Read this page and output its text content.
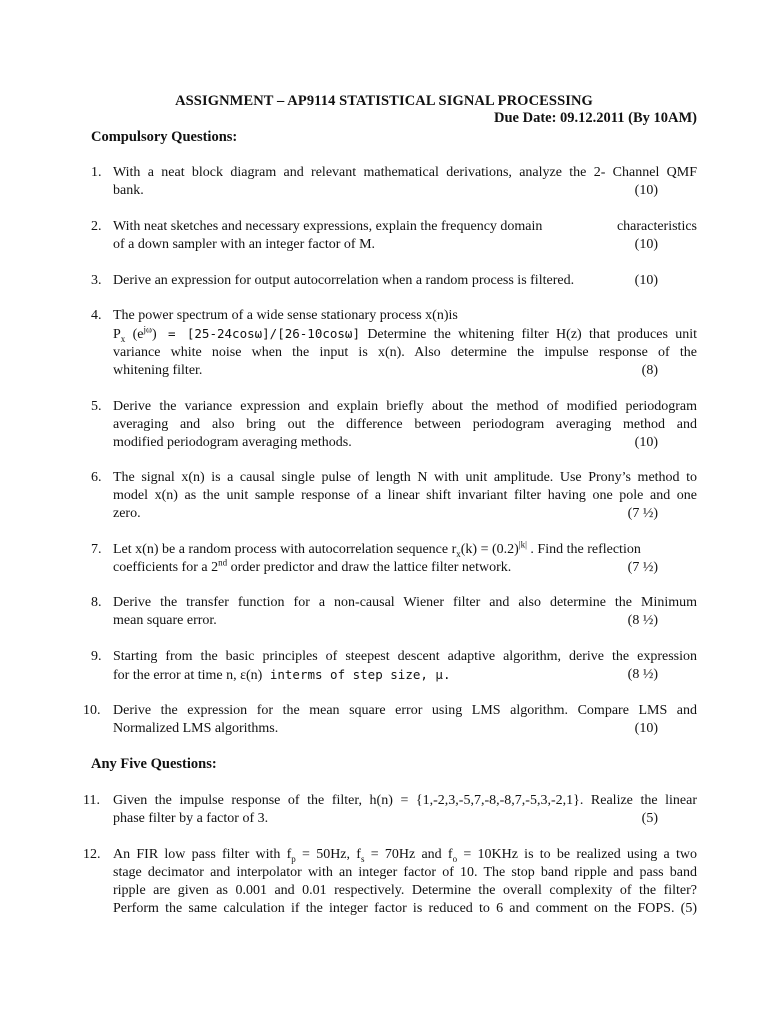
ASSIGNMENT – AP9114 STATISTICAL SIGNAL PROCESSING
Due Date: 09.12.2011 (By 10AM)
Compulsory Questions:
1. With a neat block diagram and relevant mathematical derivations, analyze the 2- Channel QMF
bank.	(10)
2. With neat sketches and necessary expressions, explain the frequency domain	characteristics
of a down sampler with an integer factor of M.	(10)
3. Derive an expression for output autocorrelation when a random process is filtered.	(10)
4. The power spectrum of a wide sense stationary process x(n)is
$P_x$ $(e^{j\omega}) = [25-24\cos\omega]/[26-10\cos\omega]$ Determine the whitening filter H(z) that produces unit
variance white noise when the input is x(n). Also determine the impulse response of the
whitening filter.	(8)
5. Derive the variance expression and explain briefly about the method of modified periodogram
averaging and also bring out the difference between periodogram averaging method and
modified periodogram averaging methods.	(10)
6. The signal x(n) is a causal single pulse of length N with unit amplitude. Use Prony’s method to
model x(n) as the unit sample response of a linear shift invariant filter having one pole and one
zero.	(7 ½)
7. Let x(n) be a random process with autocorrelation sequence $r_x(k) = (0.2)^{|k|}$ . Find the reflection
coefficients for a 2nd order predictor and draw the lattice filter network.	(7 ½)
8. Derive the transfer function for a non-causal Wiener filter and also determine the Minimum
mean square error.	(8 ½)
9. Starting from the basic principles of steepest descent adaptive algorithm, derive the expression
for the error at time n, ε(n) interms of step size, μ.	(8 ½)
10. Derive the expression for the mean square error using LMS algorithm. Compare LMS and
Normalized LMS algorithms.	(10)
Any Five Questions:
11. Given the impulse response of the filter, h(n) = {1,-2,3,-5,7,-8,-8,7,-5,3,-2,1}. Realize the linear
phase filter by a factor of 3.	(5)
12. An FIR low pass filter with $f_p = 50Hz$, $f_s = 70Hz$ and $f_o = 10KHz$ is to be realized using a two
stage decimator and interpolator with an integer factor of 10. The stop band ripple and pass band
ripple are given as 0.001 and 0.01 respectively. Determine the overall complexity of the filter?
Perform the same calculation if the integer factor is reduced to 6 and comment on the FOPS. (5)
